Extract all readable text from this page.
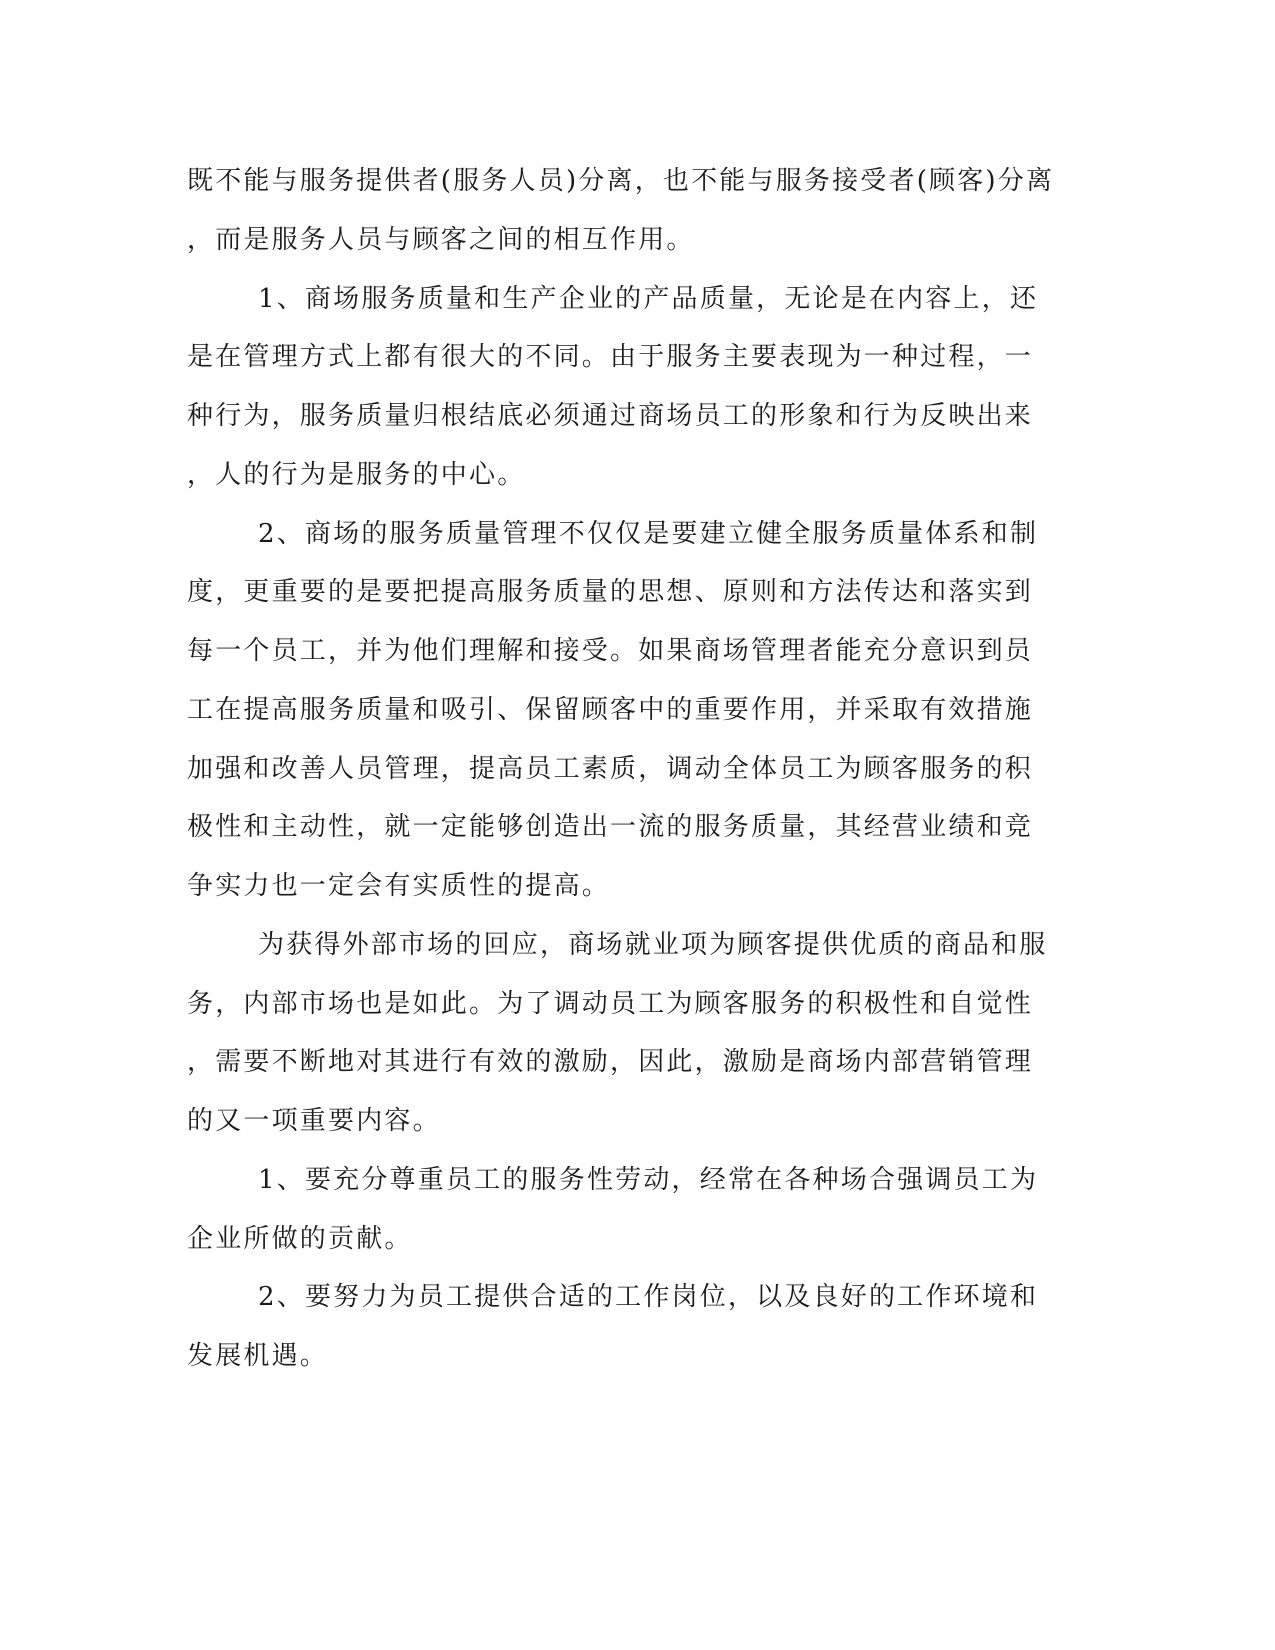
既不能与服务提供者(服务人员)分离，也不能与服务接受者(顾客)分离
，而是服务人员与顾客之间的相互作用。
1、商场服务质量和生产企业的产品质量，无论是在内容上，还
是在管理方式上都有很大的不同。由于服务主要表现为一种过程，一
种行为，服务质量归根结底必须通过商场员工的形象和行为反映出来
，人的行为是服务的中心。
2、商场的服务质量管理不仅仅是要建立健全服务质量体系和制
度，更重要的是要把提高服务质量的思想、原则和方法传达和落实到
每一个员工，并为他们理解和接受。如果商场管理者能充分意识到员
工在提高服务质量和吸引、保留顾客中的重要作用，并采取有效措施
加强和改善人员管理，提高员工素质，调动全体员工为顾客服务的积
极性和主动性，就一定能够创造出一流的服务质量，其经营业绩和竞
争实力也一定会有实质性的提高。
为获得外部市场的回应，商场就业项为顾客提供优质的商品和服
务，内部市场也是如此。为了调动员工为顾客服务的积极性和自觉性
，需要不断地对其进行有效的激励，因此，激励是商场内部营销管理
的又一项重要内容。
1、要充分尊重员工的服务性劳动，经常在各种场合强调员工为
企业所做的贡献。
2、要努力为员工提供合适的工作岗位，以及良好的工作环境和
发展机遇。
